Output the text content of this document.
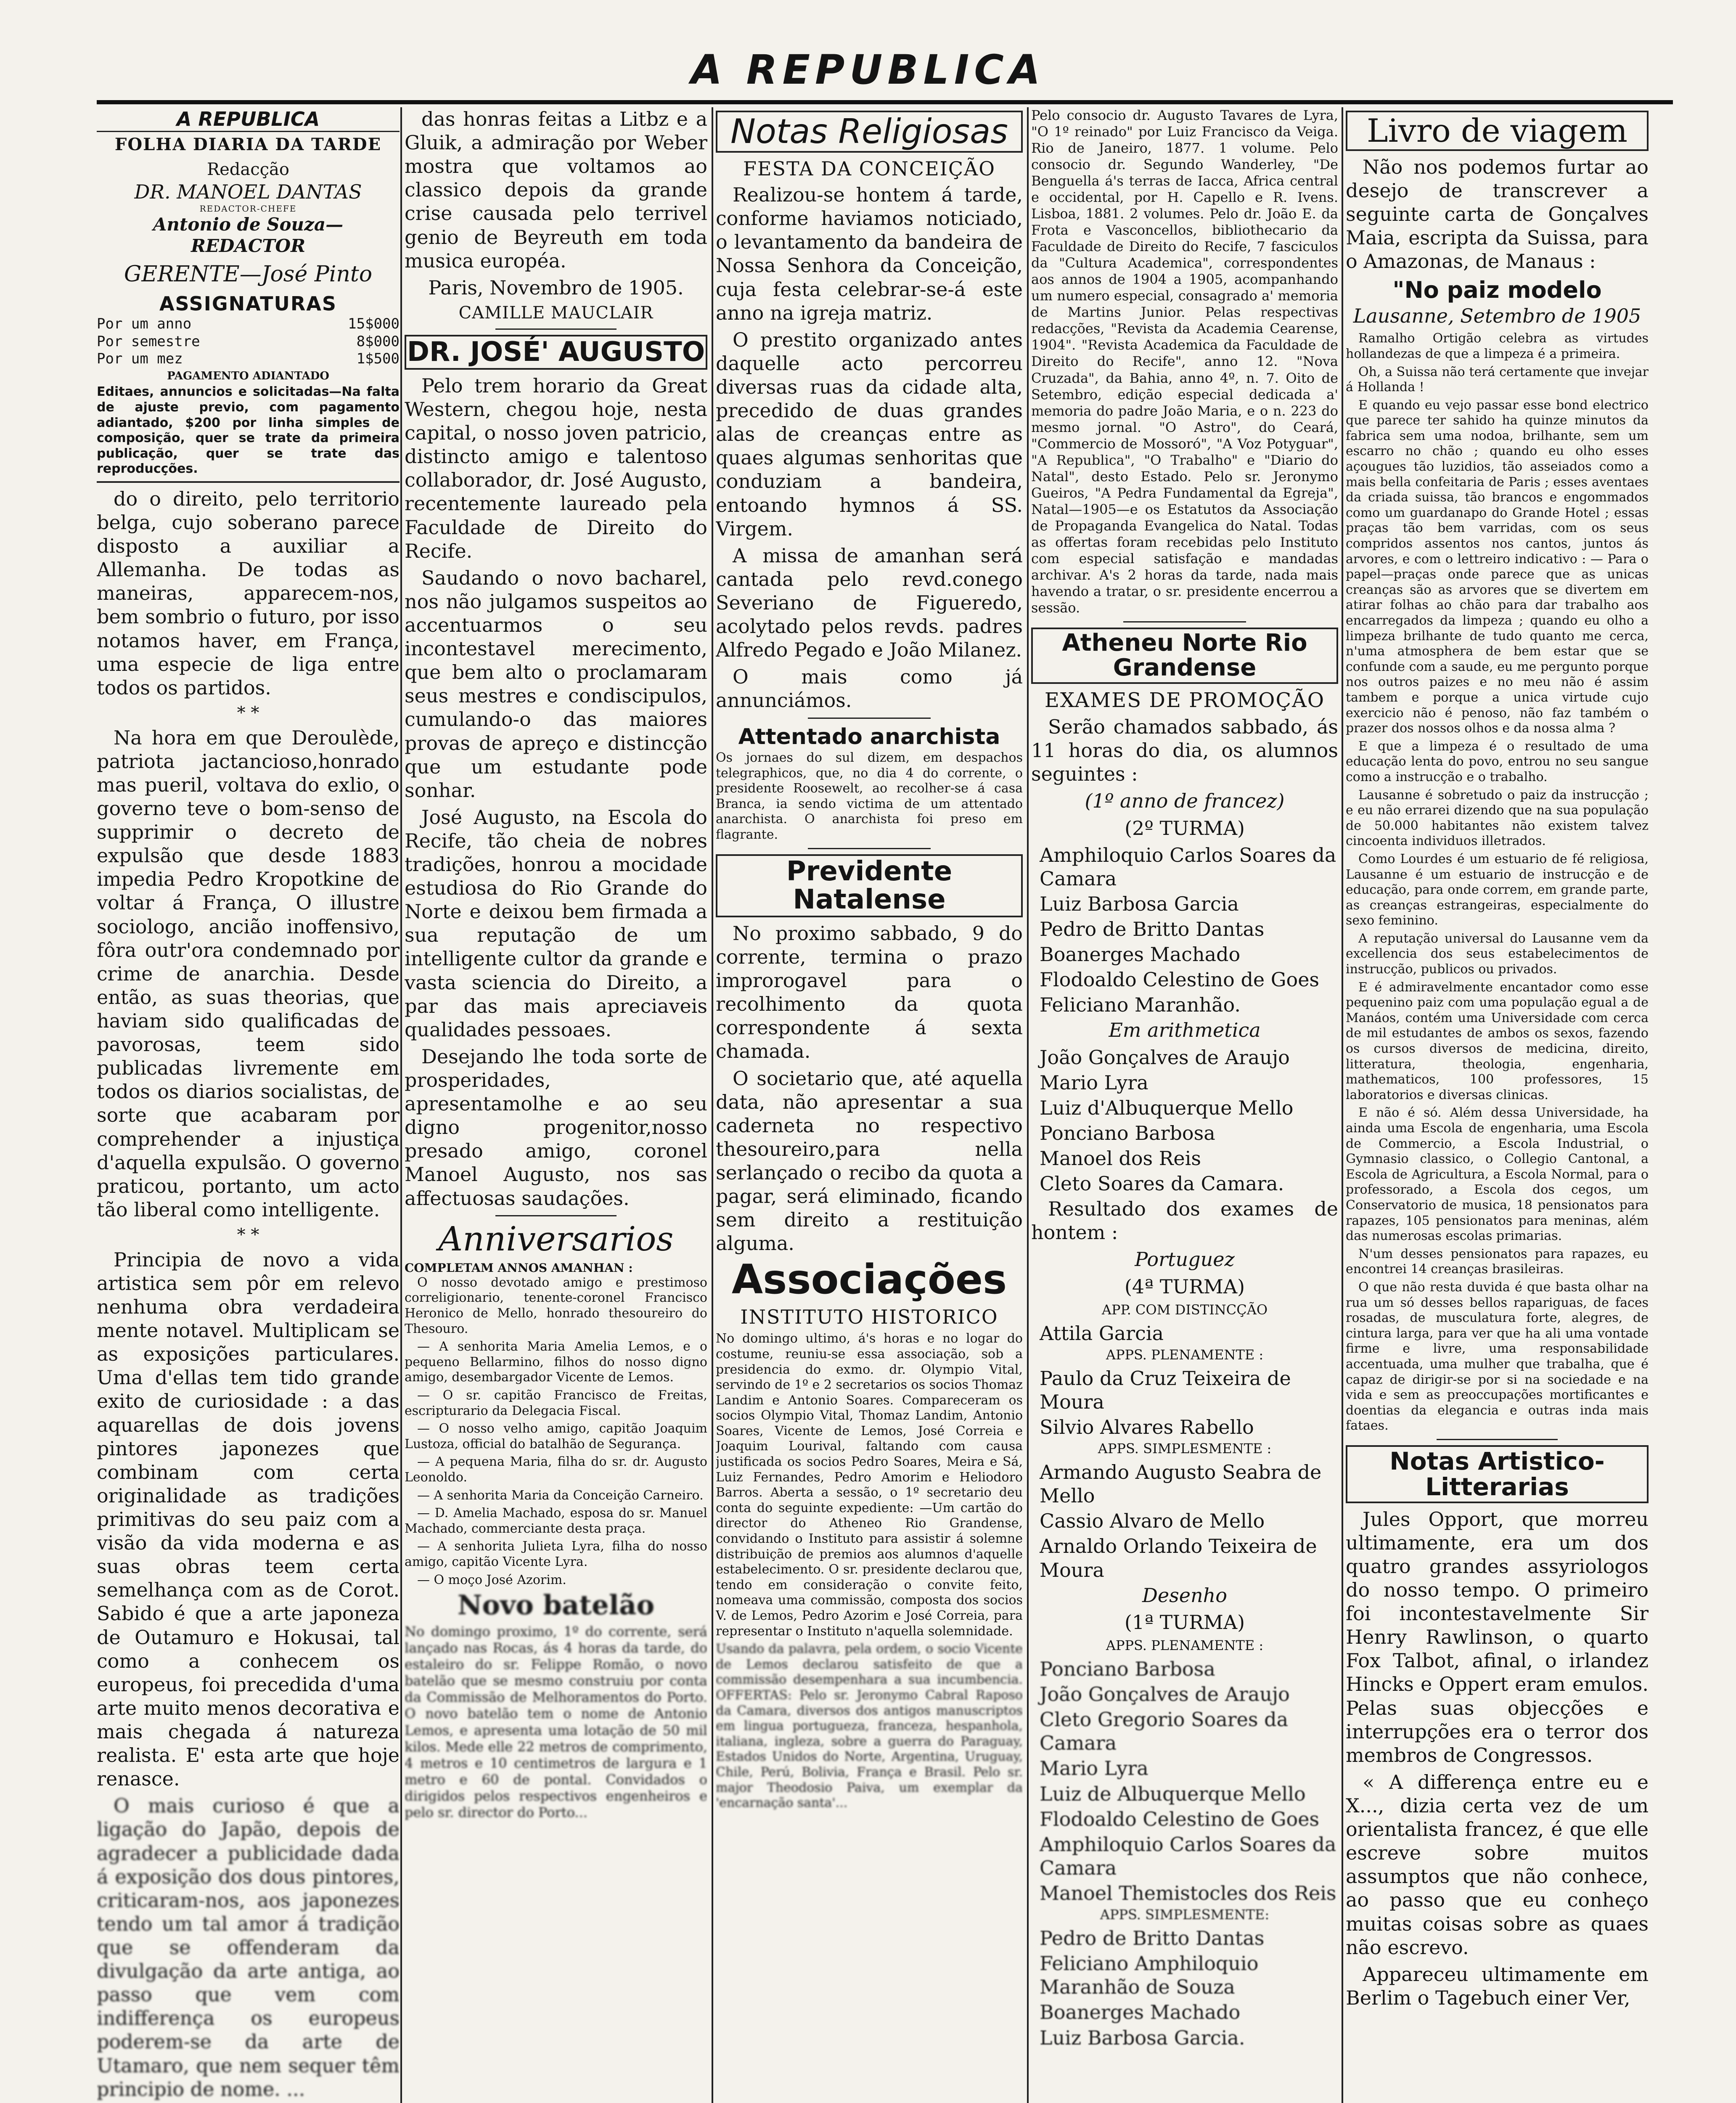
A REPUBLICA
A REPUBLICA
FOLHA DIARIA DA TARDE
Redacção
DR. MANOEL DANTAS
REDACTOR-CHEFE
Antonio de Souza—REDACTOR
GERENTE—José Pinto
ASSIGNATURAS
Por um anno	15$000
Por semestre	8$000
Por um mez	1$500
PAGAMENTO ADIANTADO
Editaes, annuncios e solicitadas—Na falta de ajuste previo, com pagamento adiantado, $200 por linha simples de composição, quer se trate da primeira publicação, quer se trate das reproducções.

do o direito, pelo territorio belga, cujo soberano parece disposto a auxiliar a Allemanha. De todas as maneiras, apparecem-nos, bem sombrio o futuro, por isso notamos haver, em França, uma especie de liga entre todos os partidos.

* *

Na hora em que Deroulède, patriota jactancioso,honrado mas pueril, voltava do exlio, o governo teve o bom-senso de supprimir o decreto de expulsão que desde 1883 impedia Pedro Kropotkine de voltar á França, O illustre sociologo, ancião inoffensivo, fôra outr'ora condemnado por crime de anarchia. Desde então, as suas theorias, que haviam sido qualificadas de pavorosas, teem sido publicadas livremente em todos os diarios socialistas, de sorte que acabaram por comprehender a injustiça d'aquella expulsão. O governo praticou, portanto, um acto tão liberal como intelligente.

* *

Principia de novo a vida artistica sem pôr em relevo nenhuma obra verdadeira mente notavel. Multiplicam se as exposições particulares. Uma d'ellas tem tido grande exito de curiosidade : a das aquarellas de dois jovens pintores japonezes que combinam com certa originalidade as tradições primitivas do seu paiz com a visão da vida moderna e as suas obras teem certa semelhança com as de Corot. Sabido é que a arte japoneza de Outamuro e Hokusai, tal como a conhecem os europeus, foi precedida d'uma arte muito menos decorativa e mais chegada á natureza realista. E' esta arte que hoje renasce.

O mais curioso é que a ligação do Japão, depois de agradecer a publicidade dada á exposição dos dous pintores, criticaram-nos, aos japonezes tendo um tal amor á tradição que se offenderam da divulgação da arte antiga, ao passo que vem com indifferença os europeus poderem-se da arte de Utamaro, que nem sequer têm principio de nome. ...

das honras feitas a Litbz e a Gluik, a admiração por Weber mostra que voltamos ao classico depois da grande crise causada pelo terrivel genio de Beyreuth em toda musica européa.

Paris, Novembro de 1905.

CAMILLE MAUCLAIR

DR. JOSÉ' AUGUSTO

Pelo trem horario da Great Western, chegou hoje, nesta capital, o nosso joven patricio, distincto amigo e talentoso collaborador, dr. José Augusto, recentemente laureado pela Faculdade de Direito do Recife.

Saudando o novo bacharel, nos não julgamos suspeitos ao accentuarmos o seu incontestavel merecimento, que bem alto o proclamaram seus mestres e condiscipulos, cumulando-o das maiores provas de apreço e distincção que um estudante pode sonhar.

José Augusto, na Escola do Recife, tão cheia de nobres tradições, honrou a mocidade estudiosa do Rio Grande do Norte e deixou bem firmada a sua reputação de um intelligente cultor da grande e vasta sciencia do Direito, a par das mais apreciaveis qualidades pessoaes.

Desejando lhe toda sorte de prosperidades, apresentamolhe e ao seu digno progenitor,nosso presado amigo, coronel Manoel Augusto, nos sas affectuosas saudações.

Anniversarios
COMPLETAM ANNOS AMANHAN :

O nosso devotado amigo e prestimoso correligionario, tenente-coronel Francisco Heronico de Mello, honrado thesoureiro do Thesouro.

— A senhorita Maria Amelia Lemos, e o pequeno Bellarmino, filhos do nosso digno amigo, desembargador Vicente de Lemos.

— O sr. capitão Francisco de Freitas, escripturario da Delegacia Fiscal.

— O nosso velho amigo, capitão Joaquim Lustoza, official do batalhão de Segurança.

— A pequena Maria, filha do sr. dr. Augusto Leonoldo.

— A senhorita Maria da Conceição Carneiro.

— D. Amelia Machado, esposa do sr. Manuel Machado, commerciante desta praça.

— A senhorita Julieta Lyra, filha do nosso amigo, capitão Vicente Lyra.

— O moço José Azorim.

Novo batelão
No domingo proximo, 1º do corrente, será lançado nas Rocas, ás 4 horas da tarde, do estaleiro do sr. Felippe Romão, o novo batelão que se mesmo construiu por conta da Commissão de Melhoramentos do Porto. O novo batelão tem o nome de Antonio Lemos, e apresenta uma lotação de 50 mil kilos. Mede elle 22 metros de comprimento, 4 metros e 10 centimetros de largura e 1 metro e 60 de pontal. Convidados o dirigidos pelos respectivos engenheiros e pelo sr. director do Porto...
Notas Religiosas
FESTA DA CONCEIÇÃO

Realizou-se hontem á tarde, conforme haviamos noticiado, o levantamento da bandeira de Nossa Senhora da Conceição, cuja festa celebrar-se-á este anno na igreja matriz.

O prestito organizado antes daquelle acto percorreu diversas ruas da cidade alta, precedido de duas grandes alas de creanças entre as quaes algumas senhoritas que conduziam a bandeira, entoando hymnos á SS. Virgem.

A missa de amanhan será cantada pelo revd.conego Severiano de Figueredo, acolytado pelos revds. padres Alfredo Pegado e João Milanez.

O mais como já annunciámos.

Attentado anarchista
Os jornaes do sul dizem, em despachos telegraphicos, que, no dia 4 do corrente, o presidente Roosewelt, ao recolher-se á casa Branca, ia sendo victima de um attentado anarchista. O anarchista foi preso em flagrante.
Previdente Natalense

No proximo sabbado, 9 do corrente, termina o prazo improrogavel para o recolhimento da quota correspondente á sexta chamada.

O societario que, até aquella data, não apresentar a sua caderneta no respectivo thesoureiro,para nella serlançado o recibo da quota a pagar, será eliminado, ficando sem direito a restituição alguma.

Associações
INSTITUTO HISTORICO
No domingo ultimo, á's horas e no logar do costume, reuniu-se essa associação, sob a presidencia do exmo. dr. Olympio Vital, servindo de 1º e 2 secretarios os socios Thomaz Landim e Antonio Soares. Compareceram os socios Olympio Vital, Thomaz Landim, Antonio Soares, Vicente de Lemos, José Correia e Joaquim Lourival, faltando com causa justificada os socios Pedro Soares, Meira e Sá, Luiz Fernandes, Pedro Amorim e Heliodoro Barros. Aberta a sessão, o 1º secretario deu conta do seguinte expediente: —Um cartão do director do Atheneo Rio Grandense, convidando o Instituto para assistir á solemne distribuição de premios aos alumnos d'aquelle estabelecimento. O sr. presidente declarou que, tendo em consideração o convite feito, nomeava uma commissão, composta dos socios V. de Lemos, Pedro Azorim e José Correia, para representar o Instituto n'aquella solemnidade.
Usando da palavra, pela ordem, o socio Vicente de Lemos declarou satisfeito de que a commissão desempenhara a sua incumbencia. OFFERTAS: Pelo sr. Jeronymo Cabral Raposo da Camara, diversos dos antigos manuscriptos em lingua portugueza, franceza, hespanhola, italiana, ingleza, sobre a guerra do Paraguay, Estados Unidos do Norte, Argentina, Uruguay, Chile, Perú, Bolivia, França e Brasil. Pelo sr. major Theodosio Paiva, um exemplar da 'encarnação santa'...
Pelo consocio dr. Augusto Tavares de Lyra, "O 1º reinado" por Luiz Francisco da Veiga. Rio de Janeiro, 1877. 1 volume. Pelo consocio dr. Segundo Wanderley, "De Benguella á's terras de Iacca, Africa central e occidental, por H. Capello e R. Ivens. Lisboa, 1881. 2 volumes. Pelo dr. João E. da Frota e Vasconcellos, bibliothecario da Faculdade de Direito do Recife, 7 fasciculos da "Cultura Academica", correspondentes aos annos de 1904 a 1905, acompanhando um numero especial, consagrado a' memoria de Martins Junior. Pelas respectivas redacções, "Revista da Academia Cearense, 1904". "Revista Academica da Faculdade de Direito do Recife", anno 12. "Nova Cruzada", da Bahia, anno 4º, n. 7. Oito de Setembro, edição especial dedicada a' memoria do padre João Maria, e o n. 223 do mesmo jornal. "O Astro", do Ceará, "Commercio de Mossoró", "A Voz Potyguar", "A Republica", "O Trabalho" e "Diario do Natal", desto Estado. Pelo sr. Jeronymo Gueiros, "A Pedra Fundamental da Egreja", Natal—1905—e os Estatutos da Associação de Propaganda Evangelica do Natal. Todas as offertas foram recebidas pelo Instituto com especial satisfação e mandadas archivar. A's 2 horas da tarde, nada mais havendo a tratar, o sr. presidente encerrou a sessão.
Atheneu Norte Rio Grandense
EXAMES DE PROMOÇÃO

Serão chamados sabbado, ás 11 horas do dia, os alumnos seguintes :

(1º anno de francez)

(2º TURMA)

Amphiloquio Carlos Soares da Camara

Luiz Barbosa Garcia

Pedro de Britto Dantas

Boanerges Machado

Flodoaldo Celestino de Goes

Feliciano Maranhão.

Em arithmetica

João Gonçalves de Araujo

Mario Lyra

Luiz d'Albuquerque Mello

Ponciano Barbosa

Manoel dos Reis

Cleto Soares da Camara.

Resultado dos exames de hontem :

Portuguez

(4ª TURMA)

APP. COM DISTINCÇÃO

Attila Garcia

APPS. PLENAMENTE :

Paulo da Cruz Teixeira de Moura

Silvio Alvares Rabello

APPS. SIMPLESMENTE :

Armando Augusto Seabra de Mello

Cassio Alvaro de Mello

Arnaldo Orlando Teixeira de Moura

Desenho

(1ª TURMA)

APPS. PLENAMENTE :

Ponciano Barbosa

João Gonçalves de Araujo

Cleto Gregorio Soares da Camara

Mario Lyra

Luiz de Albuquerque Mello

Flodoaldo Celestino de Goes

Amphiloquio Carlos Soares da Camara

Manoel Themistocles dos Reis

APPS. SIMPLESMENTE:

Pedro de Britto Dantas

Feliciano Amphiloquio Maranhão de Souza

Boanerges Machado

Luiz Barbosa Garcia.

Livro de viagem

Não nos podemos furtar ao desejo de transcrever a seguinte carta de Gonçalves Maia, escripta da Suissa, para o Amazonas, de Manaus :

"No paiz modelo

Lausanne, Setembro de 1905

Ramalho Ortigão celebra as virtudes hollandezas de que a limpeza é a primeira.

Oh, a Suissa não terá certamente que invejar á Hollanda !

E quando eu vejo passar esse bond electrico que parece ter sahido ha quinze minutos da fabrica sem uma nodoa, brilhante, sem um escarro no chão ; quando eu olho esses açougues tão luzidios, tão asseiados como a mais bella confeitaria de Paris ; esses aventaes da criada suissa, tão brancos e engommados como um guardanapo do Grande Hotel ; essas praças tão bem varridas, com os seus compridos assentos nos cantos, juntos ás arvores, e com o lettreiro indicativo : — Para o papel—praças onde parece que as unicas creanças são as arvores que se divertem em atirar folhas ao chão para dar trabalho aos encarregados da limpeza ; quando eu olho a limpeza brilhante de tudo quanto me cerca, n'uma atmosphera de bem estar que se confunde com a saude, eu me pergunto porque nos outros paizes e no meu não é assim tambem e porque a unica virtude cujo exercicio não é penoso, não faz também o prazer dos nossos olhos e da nossa alma ?

E que a limpeza é o resultado de uma educação lenta do povo, entrou no seu sangue como a instrucção e o trabalho.

Lausanne é sobretudo o paiz da instrucção ; e eu não errarei dizendo que na sua população de 50.000 habitantes não existem talvez cincoenta individuos illetrados.

Como Lourdes é um estuario de fé religiosa, Lausanne é um estuario de instrucção e de educação, para onde correm, em grande parte, as creanças estrangeiras, especialmente do sexo feminino.

A reputação universal do Lausanne vem da excellencia dos seus estabelecimentos de instrucção, publicos ou privados.

E é admiravelmente encantador como esse pequenino paiz com uma população egual a de Manáos, contém uma Universidade com cerca de mil estudantes de ambos os sexos, fazendo os cursos diversos de medicina, direito, litteratura, theologia, engenharia, mathematicos, 100 professores, 15 laboratorios e diversas clinicas.

E não é só. Além dessa Universidade, ha ainda uma Escola de engenharia, uma Escola de Commercio, a Escola Industrial, o Gymnasio classico, o Collegio Cantonal, a Escola de Agricultura, a Escola Normal, para o professorado, a Escola dos cegos, um Conservatorio de musica, 18 pensionatos para rapazes, 105 pensionatos para meninas, além das numerosas escolas primarias.

N'um desses pensionatos para rapazes, eu encontrei 14 creanças brasileiras.

O que não resta duvida é que basta olhar na rua um só desses bellos rapariguas, de faces rosadas, de musculatura forte, alegres, de cintura larga, para ver que ha ali uma vontade firme e livre, uma responsabilidade accentuada, uma mulher que trabalha, que é capaz de dirigir-se por si na sociedade e na vida e sem as preoccupações mortificantes e doentias da elegancia e outras inda mais fataes.

Notas Artistico-Litterarias

Jules Opport, que morreu ultimamente, era um dos quatro grandes assyriologos do nosso tempo. O primeiro foi incontestavelmente Sir Henry Rawlinson, o quarto Fox Talbot, afinal, o irlandez Hincks e Oppert eram emulos. Pelas suas objecções e interrupções era o terror dos membros de Congressos.

« A differença entre eu e X..., dizia certa vez de um orientalista francez, é que elle escreve sobre muitos assumptos que não conhece, ao passo que eu conheço muitas coisas sobre as quaes não escrevo.

Appareceu ultimamente em Berlim o Tagebuch einer Ver,
